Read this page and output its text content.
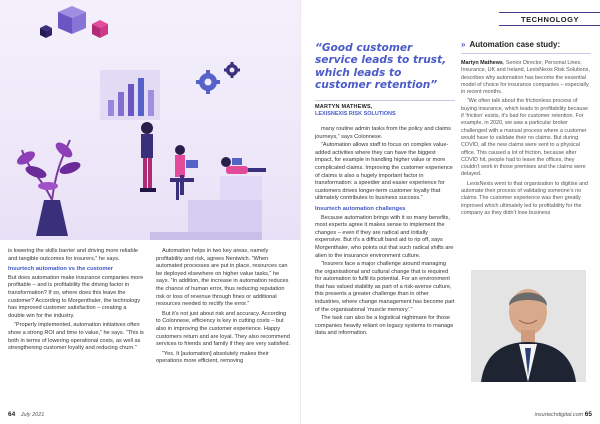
is lowering the skills barrier and driving more reliable and tangible outcomes for insurers,” he says.

Insurtech automation vs the customer

But does automation make insurance companies more profitable – and is profitability the driving factor in transformation? If so, where does this leave the customer? According to Morgenthaler, the technology has improved customer satisfaction – creating a double win for the industry.

“Properly implemented, automation initiatives often show a strong ROI and time to value,” he says. “This is both in terms of lowering operational costs, as well as strengthening customer loyalty and reducing churn.”

Automation helps in two key areas, namely profitability and risk, agrees Nentwich. “When automated processes are put in place, resources can be deployed elsewhere on higher value tasks,” he says. “In addition, the increase in automation reduces the chance of human error, thus reducing reputation risk or loss of revenue through fines or additional resources needed to rectify the error.”

But it’s not just about risk and accuracy. According to Colonnese, efficiency is key in cutting costs – but also in improving the customer experience. Happy customers return and are loyal. They also recommend services to friends and family if they are very satisfied.

“Yes. It [automation] absolutely makes their operations more efficient, removing

64 July 2021
TECHNOLOGY
“Good customer service leads to trust, which leads to customer retention”
MARTYN MATHEWS,
LEXISNEXIS RISK SOLUTIONS

many routine admin tasks from the policy and claims journeys,” says Colonnese.

“Automation allows staff to focus on complex value-added activities where they can have the biggest impact, for example in handling higher value or more complicated claims. Improving the customer experience of claims is also a hugely important factor in transformation: a speedier and easier experience for customers drives longer-term customer loyalty that ultimately contributes to business success.”

Insurtech automation challenges

Because automation brings with it so many benefits, most experts agree it makes sense to implement the changes – even if they are radical and initially expensive. But it’s a difficult band aid to rip off, says Morgenthaler, who points out that such radical shifts are alien to the insurance environment culture.

“Insurers face a major challenge around managing the organisational and cultural change that is required for automation to fulfil its potential. For an environment that has valued stability as part of a risk-averse culture, this presents a greater challenge than in other industries, where change management has become part of the organisational ‘muscle memory’.”

The task can also be a logistical nightmare for those companies heavily reliant on legacy systems to manage data and information.

» Automation case study:

Martyn Mathews, Senior Director, Personal Lines, Insurance, UK and Ireland, LexisNexis Risk Solutions, describes why automation has become the essential model of choice for insurance companies – especially in recent months.

“We often talk about the frictionless process of buying insurance, which leads to profitability because if ‘friction’ exists, it’s bad for customer retention. For example, in 2020, we saw a particular broker challenged with a manual process where a customer would have to validate their no claims. But during COVID, all the new claims were sent to a physical office. This caused a lot of friction, because after COVID hit, people had to leave the offices, they couldn’t work in those premises and the claims were delayed.

LexisNexis went to that organisation to digitise and automate their process of validating someone’s no claims. The customer experience was then greatly improved which ultimately led to profitability for the company as they didn’t lose business

insurtechdigital.com 65
